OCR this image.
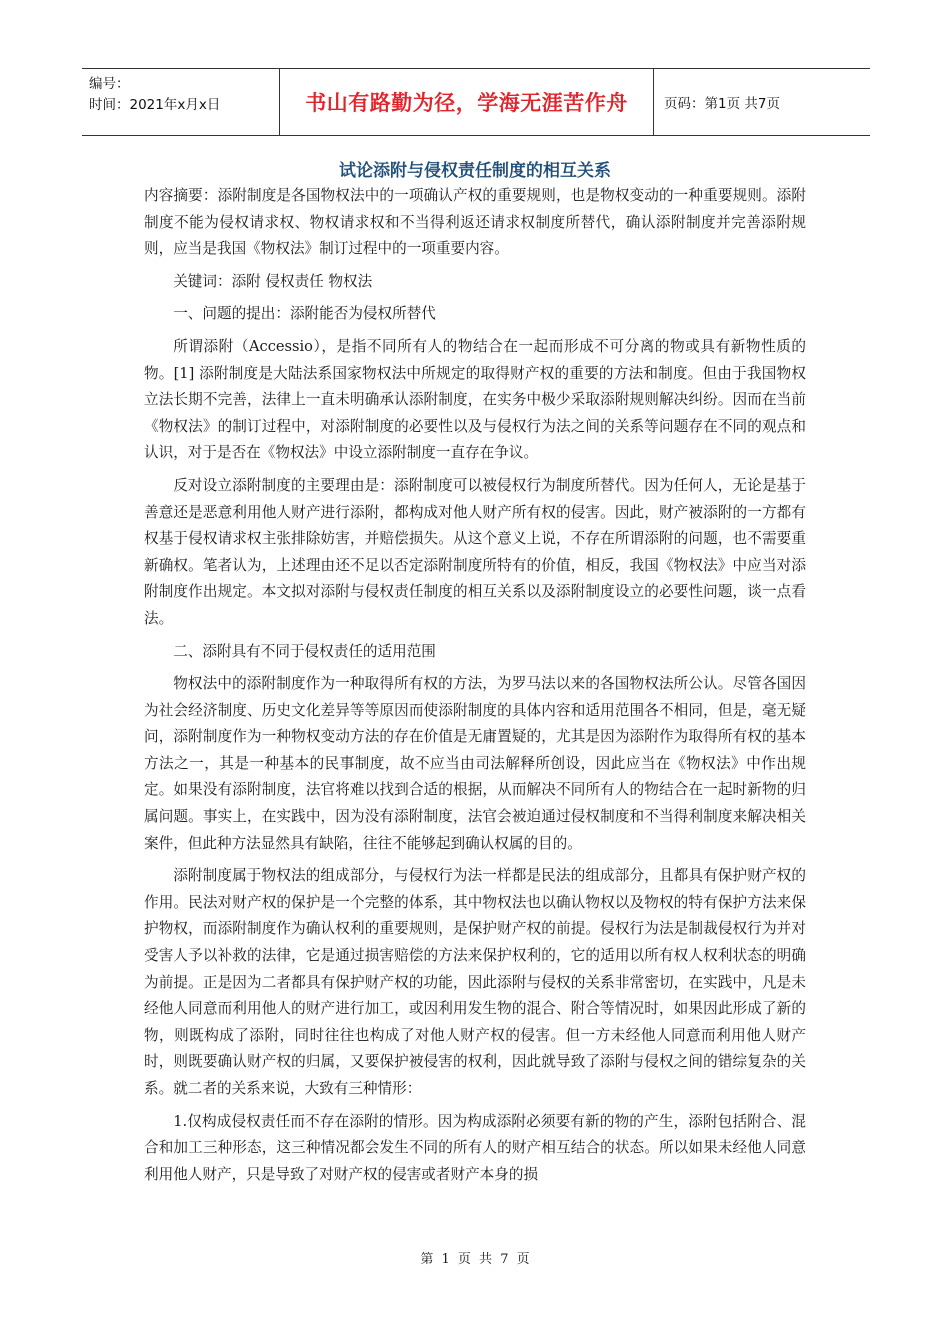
编号：
时间：2021年x月x日	书山有路勤为径，学海无涯苦作舟	页码：第1页 共7页
试论添附与侵权责任制度的相互关系

内容摘要：添附制度是各国物权法中的一项确认产权的重要规则，也是物权变动的一种重要规则。添附制度不能为侵权请求权、物权请求权和不当得利返还请求权制度所替代，确认添附制度并完善添附规则，应当是我国《物权法》制订过程中的一项重要内容。

关键词：添附 侵权责任 物权法

一、问题的提出：添附能否为侵权所替代

所谓添附（Accessio），是指不同所有人的物结合在一起而形成不可分离的物或具有新物性质的物。[1] 添附制度是大陆法系国家物权法中所规定的取得财产权的重要的方法和制度。但由于我国物权立法长期不完善，法律上一直未明确承认添附制度，在实务中极少采取添附规则解决纠纷。因而在当前《物权法》的制订过程中，对添附制度的必要性以及与侵权行为法之间的关系等问题存在不同的观点和认识，对于是否在《物权法》中设立添附制度一直存在争议。

反对设立添附制度的主要理由是：添附制度可以被侵权行为制度所替代。因为任何人，无论是基于善意还是恶意利用他人财产进行添附，都构成对他人财产所有权的侵害。因此，财产被添附的一方都有权基于侵权请求权主张排除妨害，并赔偿损失。从这个意义上说，不存在所谓添附的问题，也不需要重新确权。笔者认为，上述理由还不足以否定添附制度所特有的价值，相反，我国《物权法》中应当对添附制度作出规定。本文拟对添附与侵权责任制度的相互关系以及添附制度设立的必要性问题，谈一点看法。

二、添附具有不同于侵权责任的适用范围

物权法中的添附制度作为一种取得所有权的方法，为罗马法以来的各国物权法所公认。尽管各国因为社会经济制度、历史文化差异等等原因而使添附制度的具体内容和适用范围各不相同，但是，毫无疑问，添附制度作为一种物权变动方法的存在价值是无庸置疑的，尤其是因为添附作为取得所有权的基本方法之一，其是一种基本的民事制度，故不应当由司法解释所创设，因此应当在《物权法》中作出规定。如果没有添附制度，法官将难以找到合适的根据，从而解决不同所有人的物结合在一起时新物的归属问题。事实上，在实践中，因为没有添附制度，法官会被迫通过侵权制度和不当得利制度来解决相关案件，但此种方法显然具有缺陷，往往不能够起到确认权属的目的。

添附制度属于物权法的组成部分，与侵权行为法一样都是民法的组成部分，且都具有保护财产权的作用。民法对财产权的保护是一个完整的体系，其中物权法也以确认物权以及物权的特有保护方法来保护物权，而添附制度作为确认权利的重要规则，是保护财产权的前提。侵权行为法是制裁侵权行为并对受害人予以补救的法律，它是通过损害赔偿的方法来保护权利的，它的适用以所有权人权利状态的明确为前提。正是因为二者都具有保护财产权的功能，因此添附与侵权的关系非常密切，在实践中，凡是未经他人同意而利用他人的财产进行加工，或因利用发生物的混合、附合等情况时，如果因此形成了新的物，则既构成了添附，同时往往也构成了对他人财产权的侵害。但一方未经他人同意而利用他人财产时，则既要确认财产权的归属，又要保护被侵害的权利，因此就导致了添附与侵权之间的错综复杂的关系。就二者的关系来说，大致有三种情形：

1.仅构成侵权责任而不存在添附的情形。因为构成添附必须要有新的物的产生，添附包括附合、混合和加工三种形态，这三种情况都会发生不同的所有人的财产相互结合的状态。所以如果未经他人同意利用他人财产，只是导致了对财产权的侵害或者财产本身的损

第 1 页 共 7 页
